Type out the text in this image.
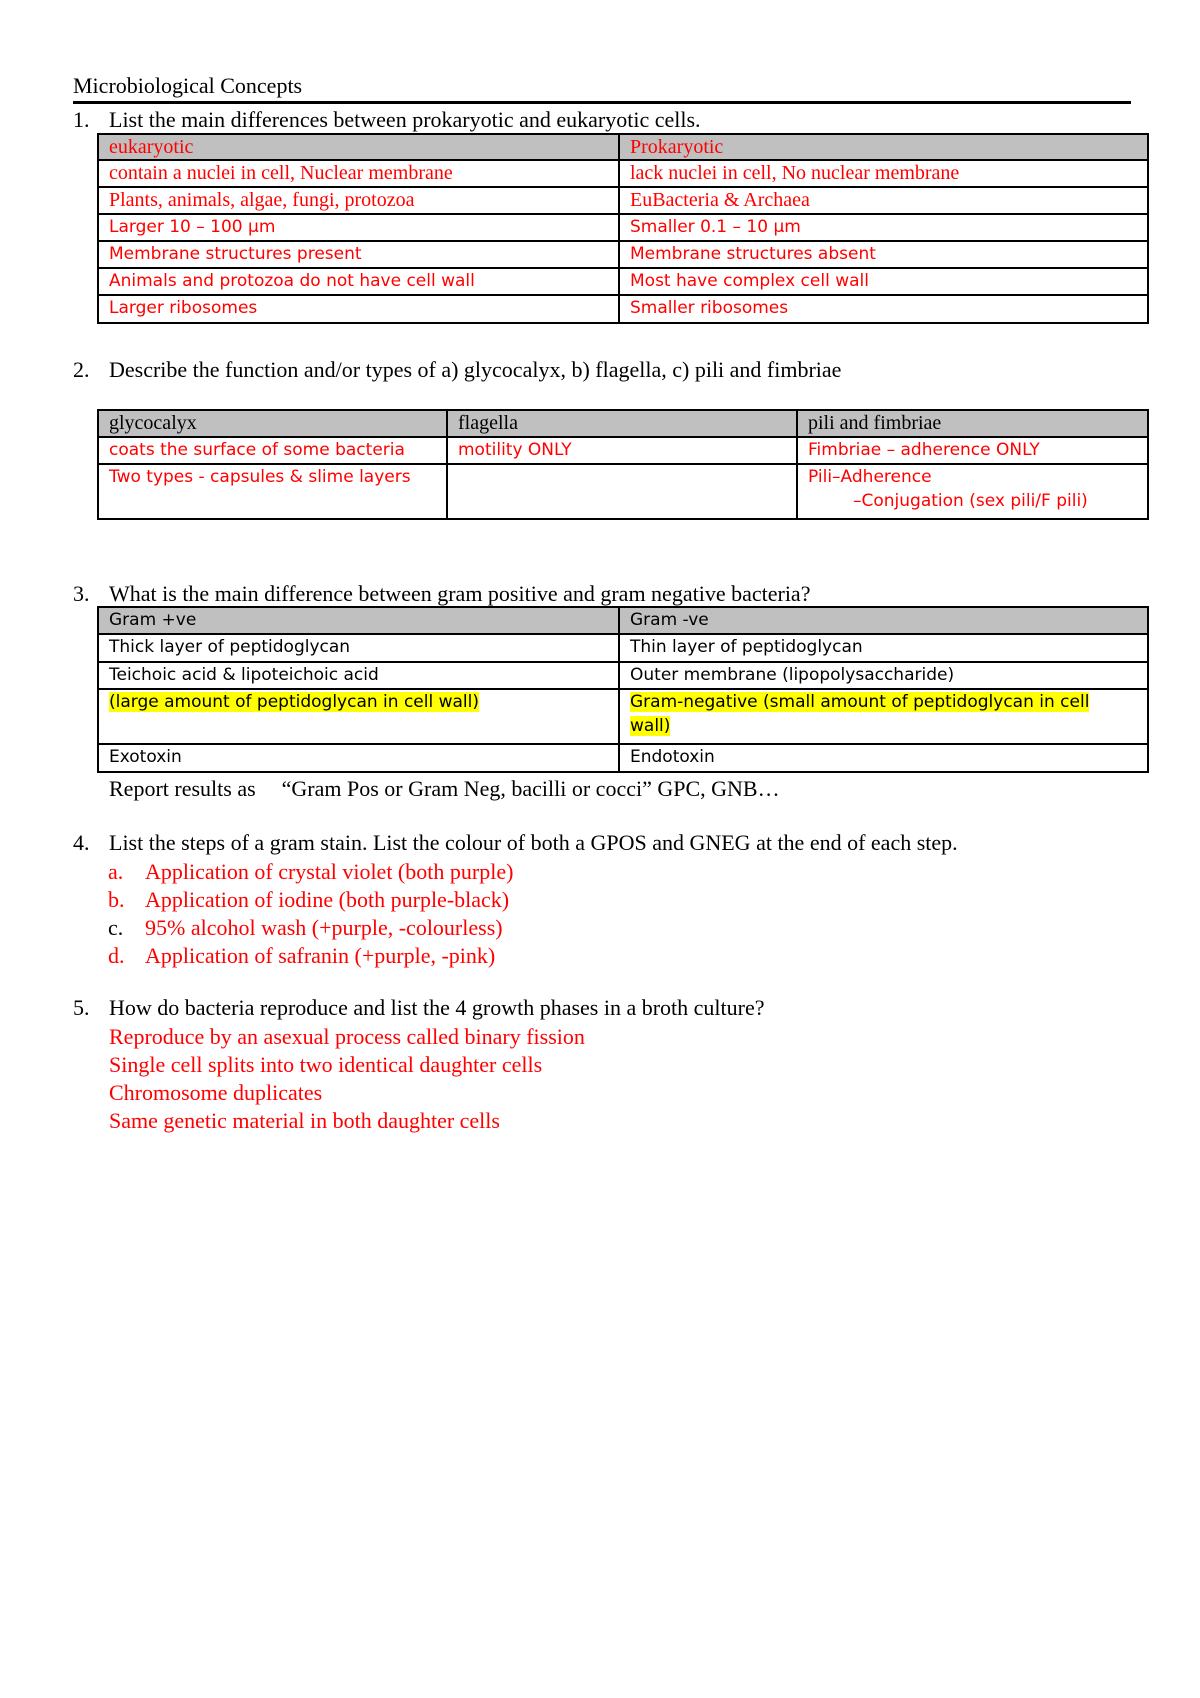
Microbiological Concepts
1. List the main differences between prokaryotic and eukaryotic cells.
eukaryotic	Prokaryotic
contain a nuclei in cell, Nuclear membrane	lack nuclei in cell, No nuclear membrane
Plants, animals, algae, fungi, protozoa	EuBacteria & Archaea
Larger 10 – 100 µm	Smaller 0.1 – 10 µm
Membrane structures present	Membrane structures absent
Animals and protozoa do not have cell wall	Most have complex cell wall
Larger ribosomes	Smaller ribosomes
2. Describe the function and/or types of a) glycocalyx, b) flagella, c) pili and fimbriae
glycocalyx	flagella	pili and fimbriae
coats the surface of some bacteria	motility ONLY	Fimbriae – adherence ONLY
Two types - capsules & slime layers		Pili–Adherence
–Conjugation (sex pili/F pili)
3. What is the main difference between gram positive and gram negative bacteria?
Gram +ve	Gram -ve
Thick layer of peptidoglycan	Thin layer of peptidoglycan
Teichoic acid & lipoteichoic acid	Outer membrane (lipopolysaccharide)
(large amount of peptidoglycan in cell wall)	Gram-negative (small amount of peptidoglycan in cell
wall)

Exotoxin	Endotoxin
Report results as “Gram Pos or Gram Neg, bacilli or cocci” GPC, GNB…
4. List the steps of a gram stain. List the colour of both a GPOS and GNEG at the end of each step.
a. Application of crystal violet (both purple)
b. Application of iodine (both purple-black)
c. 95% alcohol wash (+purple, -colourless)
d. Application of safranin (+purple, -pink)
5. How do bacteria reproduce and list the 4 growth phases in a broth culture?
Reproduce by an asexual process called binary fission
Single cell splits into two identical daughter cells
Chromosome duplicates
Same genetic material in both daughter cells
